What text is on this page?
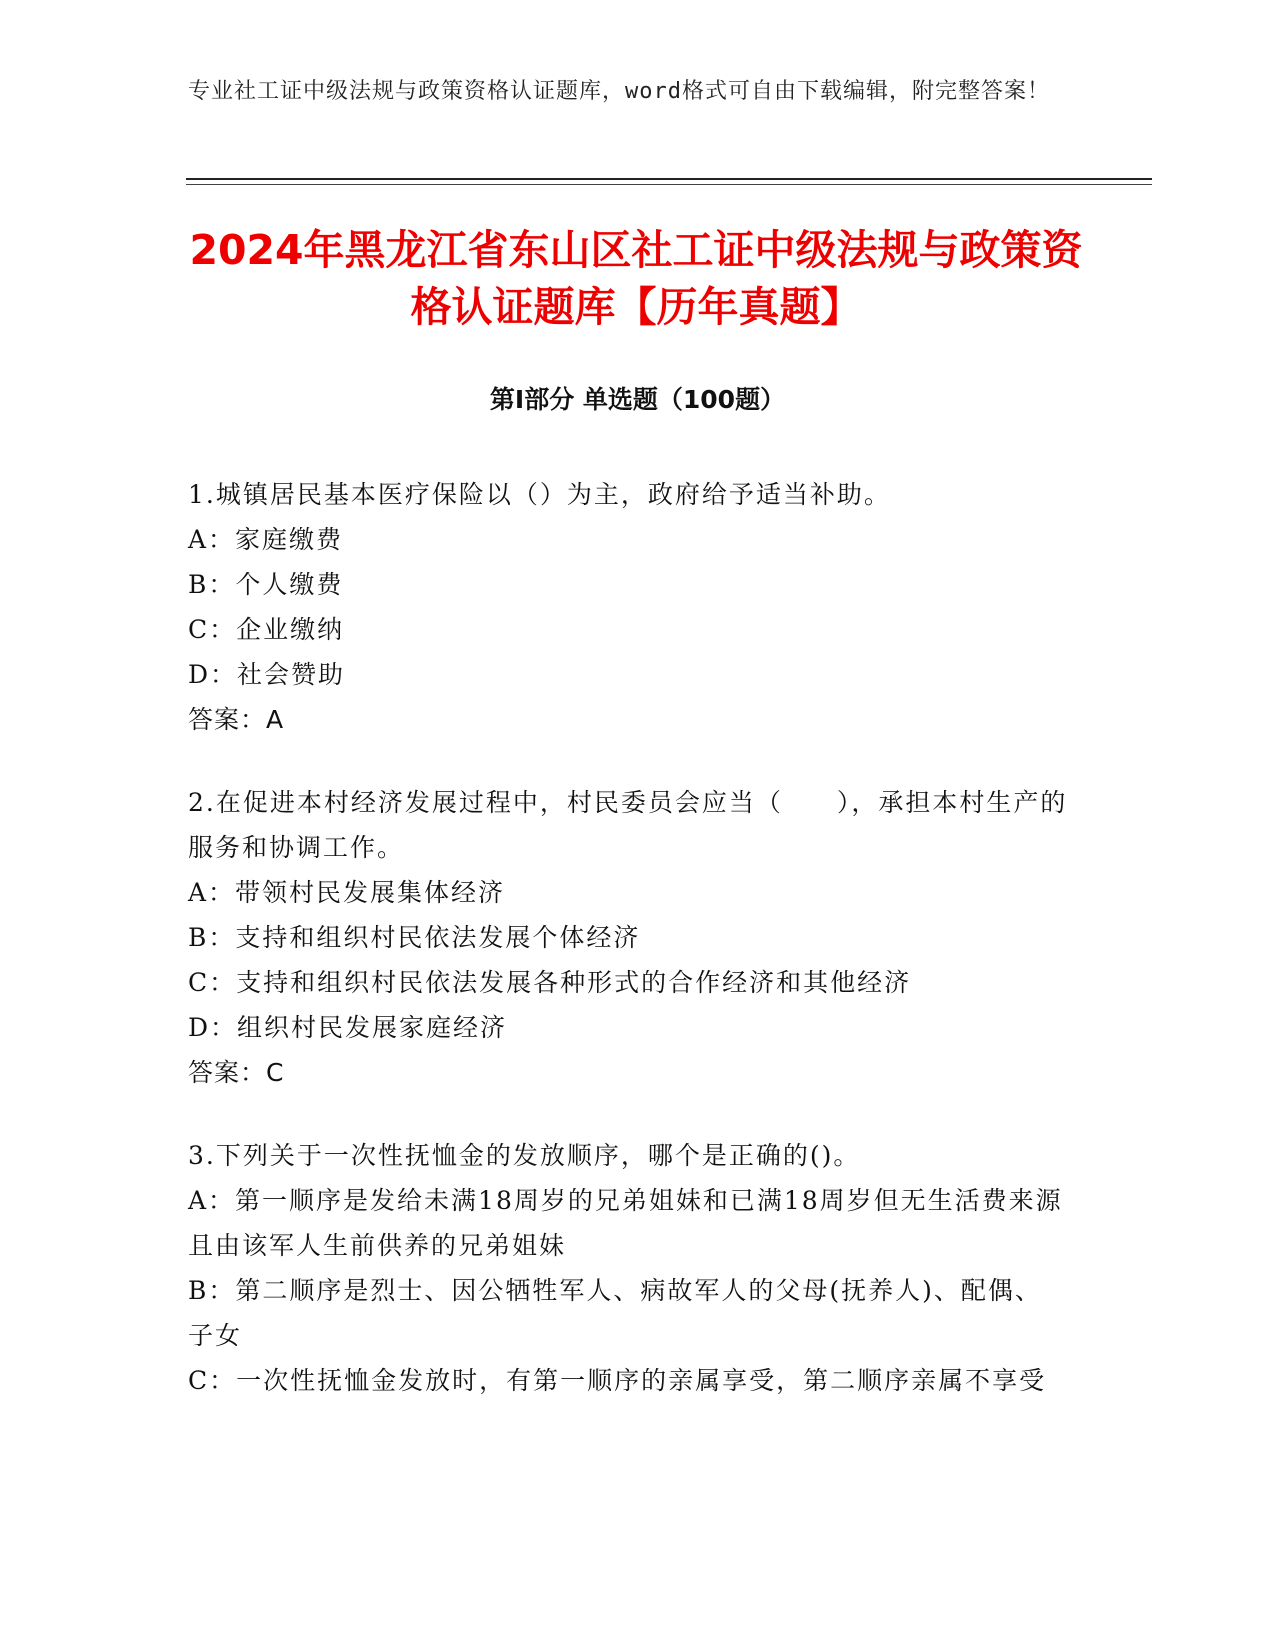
专业社工证中级法规与政策资格认证题库，word格式可自由下载编辑，附完整答案！
2024年黑龙江省东山区社工证中级法规与政策资格认证题库【历年真题】
第Ⅰ部分 单选题（100题）

1.城镇居民基本医疗保险以（）为主，政府给予适当补助。

A：家庭缴费

B：个人缴费

C：企业缴纳

D：社会赞助

答案：A

2.在促进本村经济发展过程中，村民委员会应当（　　），承担本村生产的服务和协调工作。

A：带领村民发展集体经济

B：支持和组织村民依法发展个体经济

C：支持和组织村民依法发展各种形式的合作经济和其他经济

D：组织村民发展家庭经济

答案：C

3.下列关于一次性抚恤金的发放顺序，哪个是正确的()。

A：第一顺序是发给未满18周岁的兄弟姐妹和已满18周岁但无生活费来源且由该军人生前供养的兄弟姐妹

B：第二顺序是烈士、因公牺牲军人、病故军人的父母(抚养人)、配偶、子女

C：一次性抚恤金发放时，有第一顺序的亲属享受，第二顺序亲属不享受
